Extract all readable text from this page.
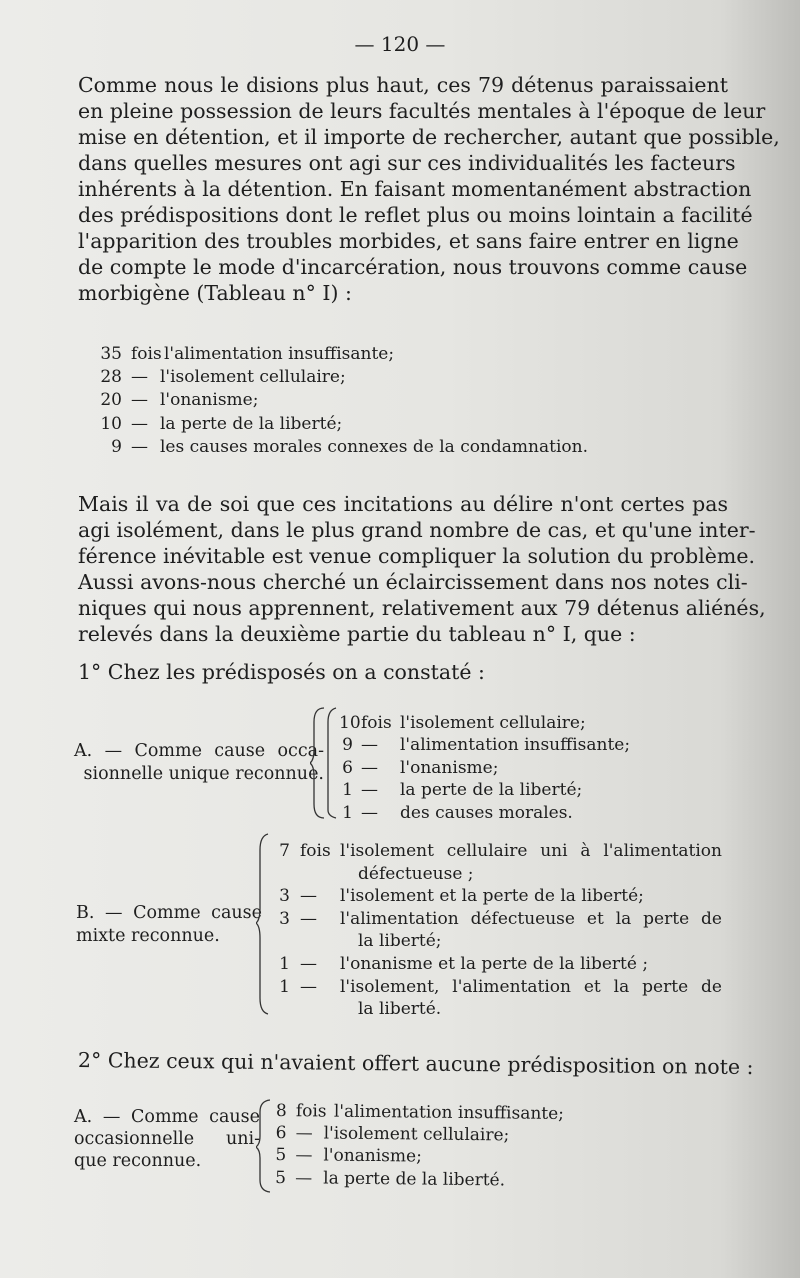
— 120 —
Comme nous le disions plus haut, ces 79 détenus paraissaient
en pleine possession de leurs facultés mentales à l'époque de leur
mise en détention, et il importe de rechercher, autant que possible,
dans quelles mesures ont agi sur ces individualités les facteurs
inhérents à la détention. En faisant momentanément abstraction
des prédispositions dont le reflet plus ou moins lointain a facilité
l'apparition des troubles morbides, et sans faire entrer en ligne
de compte le mode d'incarcération, nous trouvons comme cause
morbigène (Tableau n° I) :
35 fois l'alimentation insuffisante;
28 — l'isolement cellulaire;
20 — l'onanisme;
10 — la perte de la liberté;
9 — les causes morales connexes de la condamnation.
Mais il va de soi que ces incitations au délire n'ont certes pas
agi isolément, dans le plus grand nombre de cas, et qu'une inter-
férence inévitable est venue compliquer la solution du problème.
Aussi avons-nous cherché un éclaircissement dans nos notes cli-
niques qui nous apprennent, relativement aux 79 détenus aliénés,
relevés dans la deuxième partie du tableau n° I, que :
1° Chez les prédisposés on a constaté :
A. — Comme cause occa-
sionnelle unique reconnue.
10 fois l'isolement cellulaire;
9 — l'alimentation insuffisante;
6 — l'onanisme;
1 — la perte de la liberté;
1 — des causes morales.
B. — Comme cause
mixte reconnue.
7 fois l'isolement cellulaire uni à l'alimentation
défectueuse ;
3 — l'isolement et la perte de la liberté;
3 — l'alimentation défectueuse et la perte de
la liberté;
1 — l'onanisme et la perte de la liberté ;
1 — l'isolement, l'alimentation et la perte de
la liberté.
2° Chez ceux qui n'avaient offert aucune prédisposition on note :
A. — Comme cause
occasionnelle uni-
que reconnue.
8 fois l'alimentation insuffisante;
6 — l'isolement cellulaire;
5 — l'onanisme;
5 — la perte de la liberté.
